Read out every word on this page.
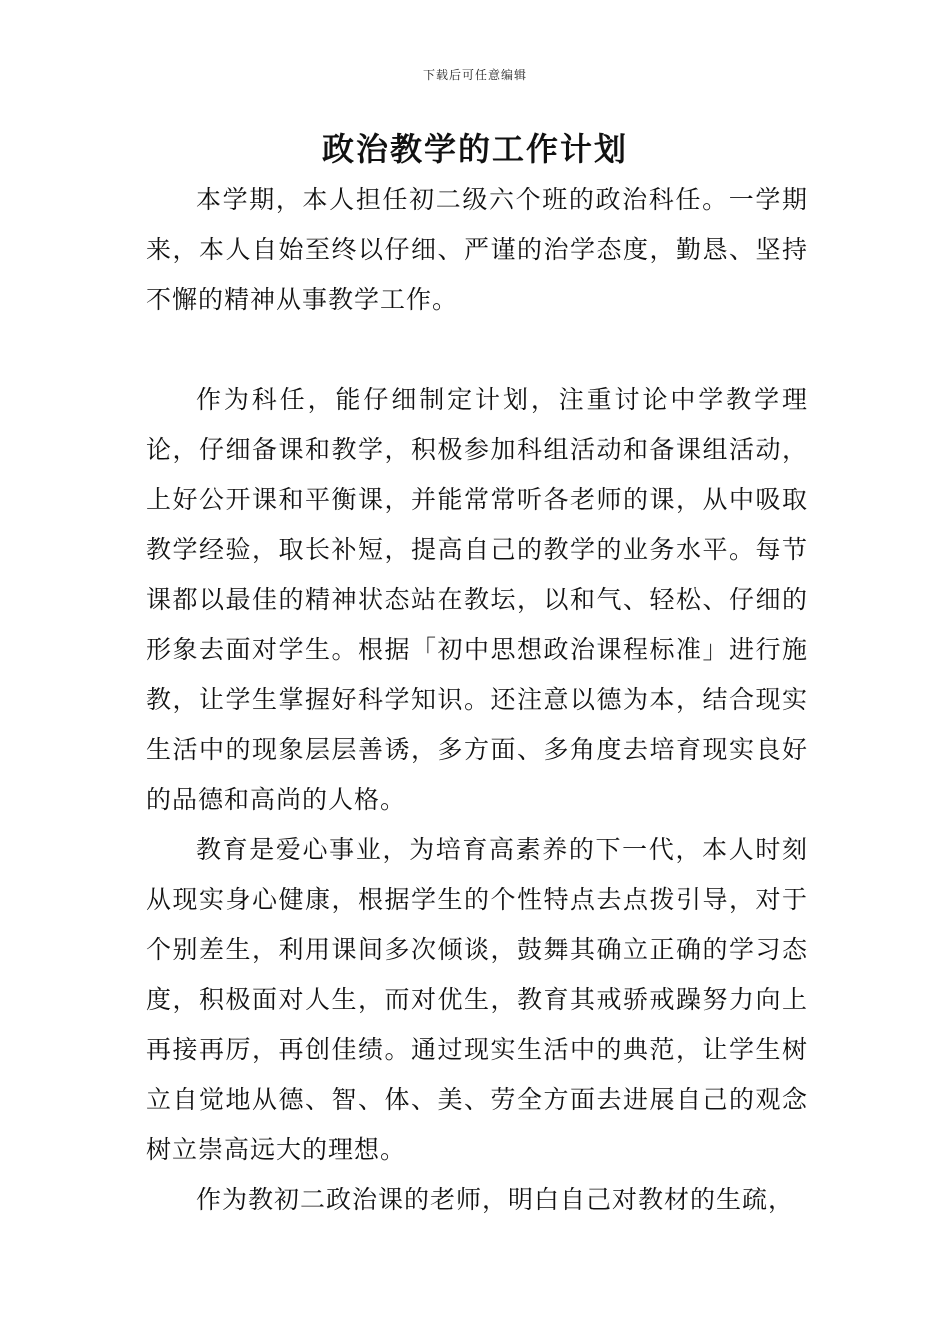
下载后可任意编辑
政治教学的工作计划

本学期，本人担任初二级六个班的政治科任。一学期来，本人自始至终以仔细、严谨的治学态度，勤恳、坚持不懈的精神从事教学工作。

作为科任，能仔细制定计划，注重讨论中学教学理论，仔细备课和教学，积极参加科组活动和备课组活动，上好公开课和平衡课，并能常常听各老师的课，从中吸取教学经验，取长补短，提高自己的教学的业务水平。每节课都以最佳的精神状态站在教坛，以和气、轻松、仔细的形象去面对学生。根据「初中思想政治课程标准」进行施教，让学生掌握好科学知识。还注意以德为本，结合现实生活中的现象层层善诱，多方面、多角度去培育现实良好的品德和高尚的人格。

教育是爱心事业，为培育高素养的下一代，本人时刻从现实身心健康，根据学生的个性特点去点拨引导，对于个别差生，利用课间多次倾谈，鼓舞其确立正确的学习态度，积极面对人生，而对优生，教育其戒骄戒躁努力向上再接再厉，再创佳绩。通过现实生活中的典范，让学生树立自觉地从德、智、体、美、劳全方面去进展自己的观念树立崇高远大的理想。

作为教初二政治课的老师，明白自己对教材的生疏，
